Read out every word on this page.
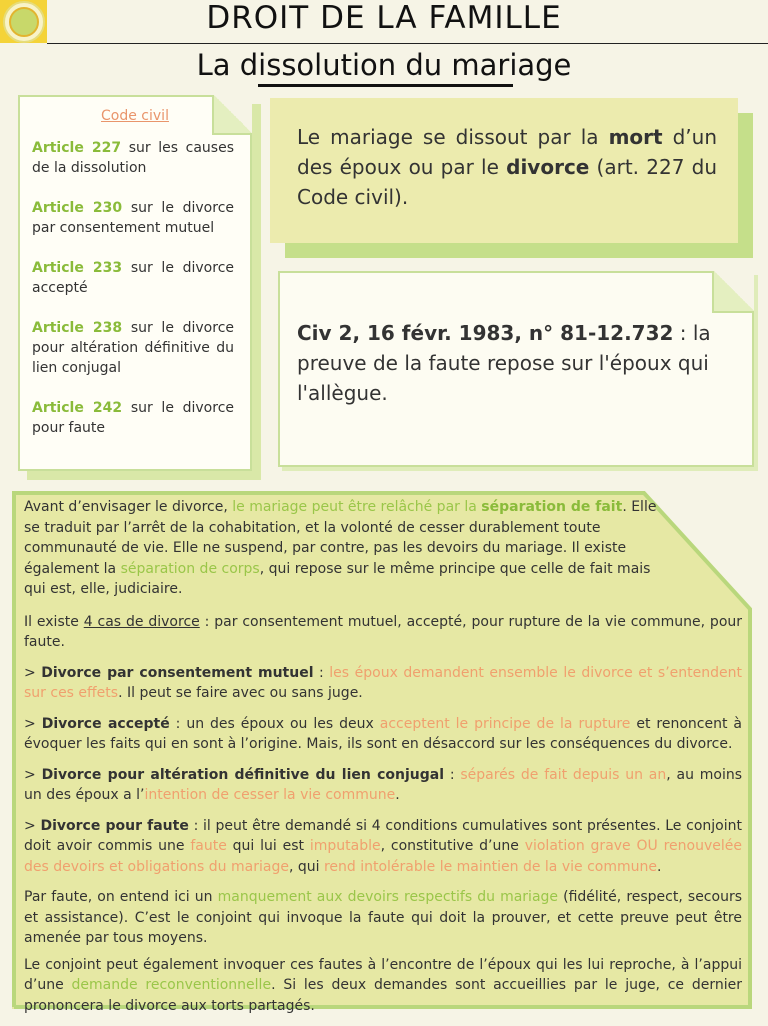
DROIT DE LA FAMILLE
La dissolution du mariage
Code civil
Article 227 sur les causes de la dissolution
Article 230 sur le divorce par consentement mutuel
Article 233 sur le divorce accepté
Article 238 sur le divorce pour altération définitive du lien conjugal
Article 242 sur le divorce pour faute
Le mariage se dissout par la mort d’un des époux ou par le divorce (art. 227 du Code civil).
Civ 2, 16 févr. 1983, n° 81-12.732 : la preuve de la faute repose sur l'époux qui l'allègue.

Avant d’envisager le divorce, le mariage peut être relâché par la séparation de fait. Elle se traduit par l’arrêt de la cohabitation, et la volonté de cesser durablement toute communauté de vie. Elle ne suspend, par contre, pas les devoirs du mariage. Il existe également la séparation de corps, qui repose sur le même principe que celle de fait mais qui est, elle, judiciaire.

Il existe 4 cas de divorce : par consentement mutuel, accepté, pour rupture de la vie commune, pour faute.

> Divorce par consentement mutuel : les époux demandent ensemble le divorce et s’entendent sur ces effets. Il peut se faire avec ou sans juge.

> Divorce accepté : un des époux ou les deux acceptent le principe de la rupture et renoncent à évoquer les faits qui en sont à l’origine. Mais, ils sont en désaccord sur les conséquences du divorce.

> Divorce pour altération définitive du lien conjugal : séparés de fait depuis un an, au moins un des époux a l’intention de cesser la vie commune.

> Divorce pour faute : il peut être demandé si 4 conditions cumulatives sont présentes. Le conjoint doit avoir commis une faute qui lui est imputable, constitutive d’une violation grave OU renouvelée des devoirs et obligations du mariage, qui rend intolérable le maintien de la vie commune.

Par faute, on entend ici un manquement aux devoirs respectifs du mariage (fidélité, respect, secours et assistance). C’est le conjoint qui invoque la faute qui doit la prouver, et cette preuve peut être amenée par tous moyens.

Le conjoint peut également invoquer ces fautes à l’encontre de l’époux qui les lui reproche, à l’appui d’une demande reconventionnelle. Si les deux demandes sont accueillies par le juge, ce dernier prononcera le divorce aux torts partagés.
